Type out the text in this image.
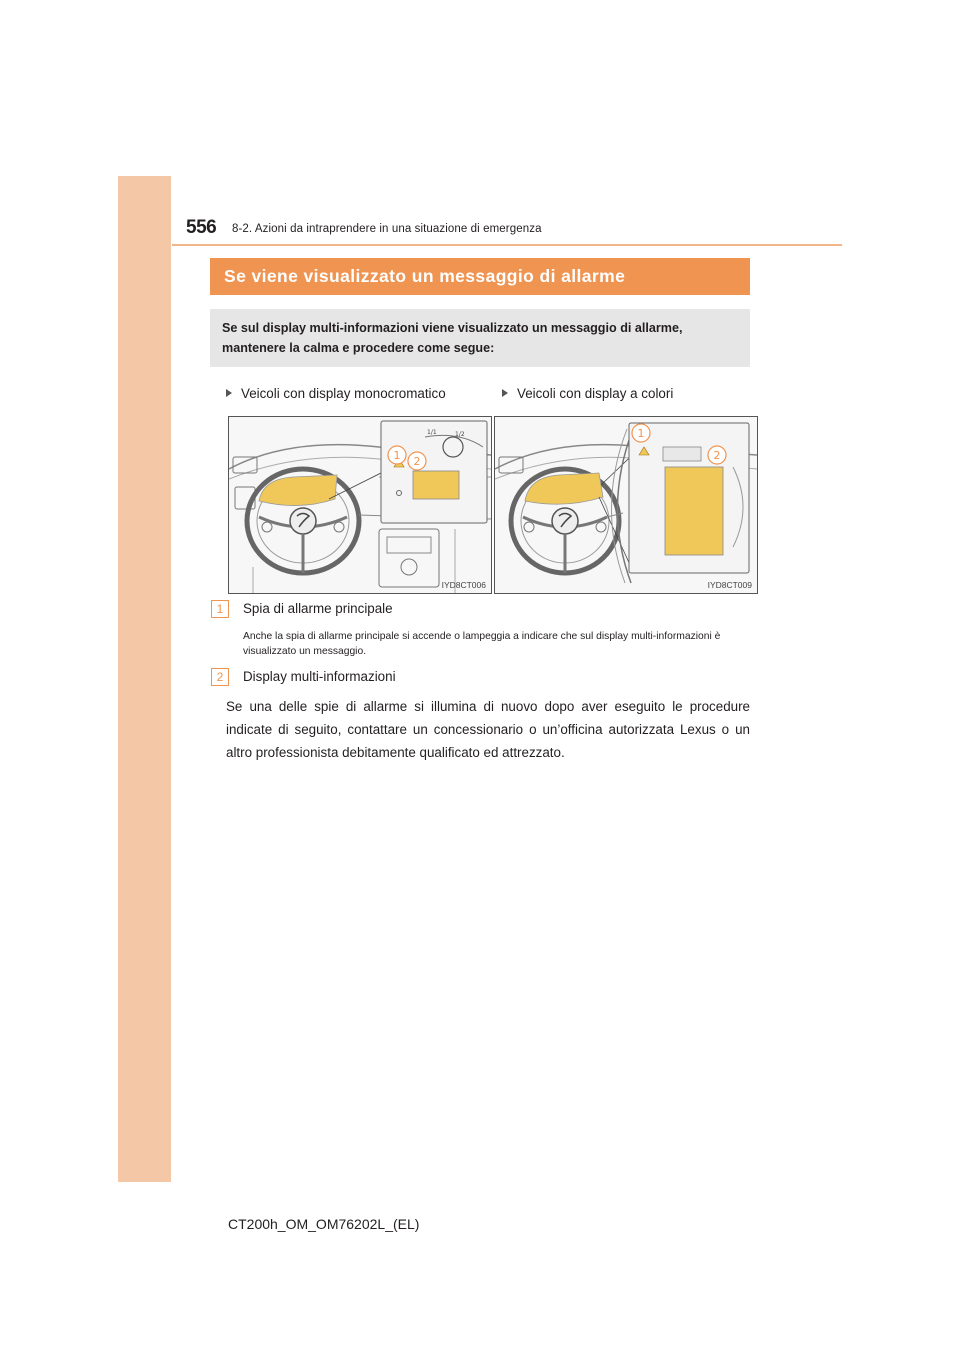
556 8-2. Azioni da intraprendere in una situazione di emergenza
Se viene visualizzato un messaggio di allarme
Se sul display multi-informazioni viene visualizzato un messaggio di allarme, mantenere la calma e procedere come segue:
Veicoli con display monocromatico	Veicoli con display a colori
1/1	1/2
1 2
IYD8CT006
1
2
IYD8CT009
1	Spia di allarme principale
Anche la spia di allarme principale si accende o lampeggia a indicare che sul display multi-informazioni è visualizzato un messaggio.
2	Display multi-informazioni
Se una delle spie di allarme si illumina di nuovo dopo aver eseguito le procedure indicate di seguito, contattare un concessionario o un’officina autorizzata Lexus o un altro professionista debitamente qualificato ed attrezzato.
CT200h_OM_OM76202L_(EL)
